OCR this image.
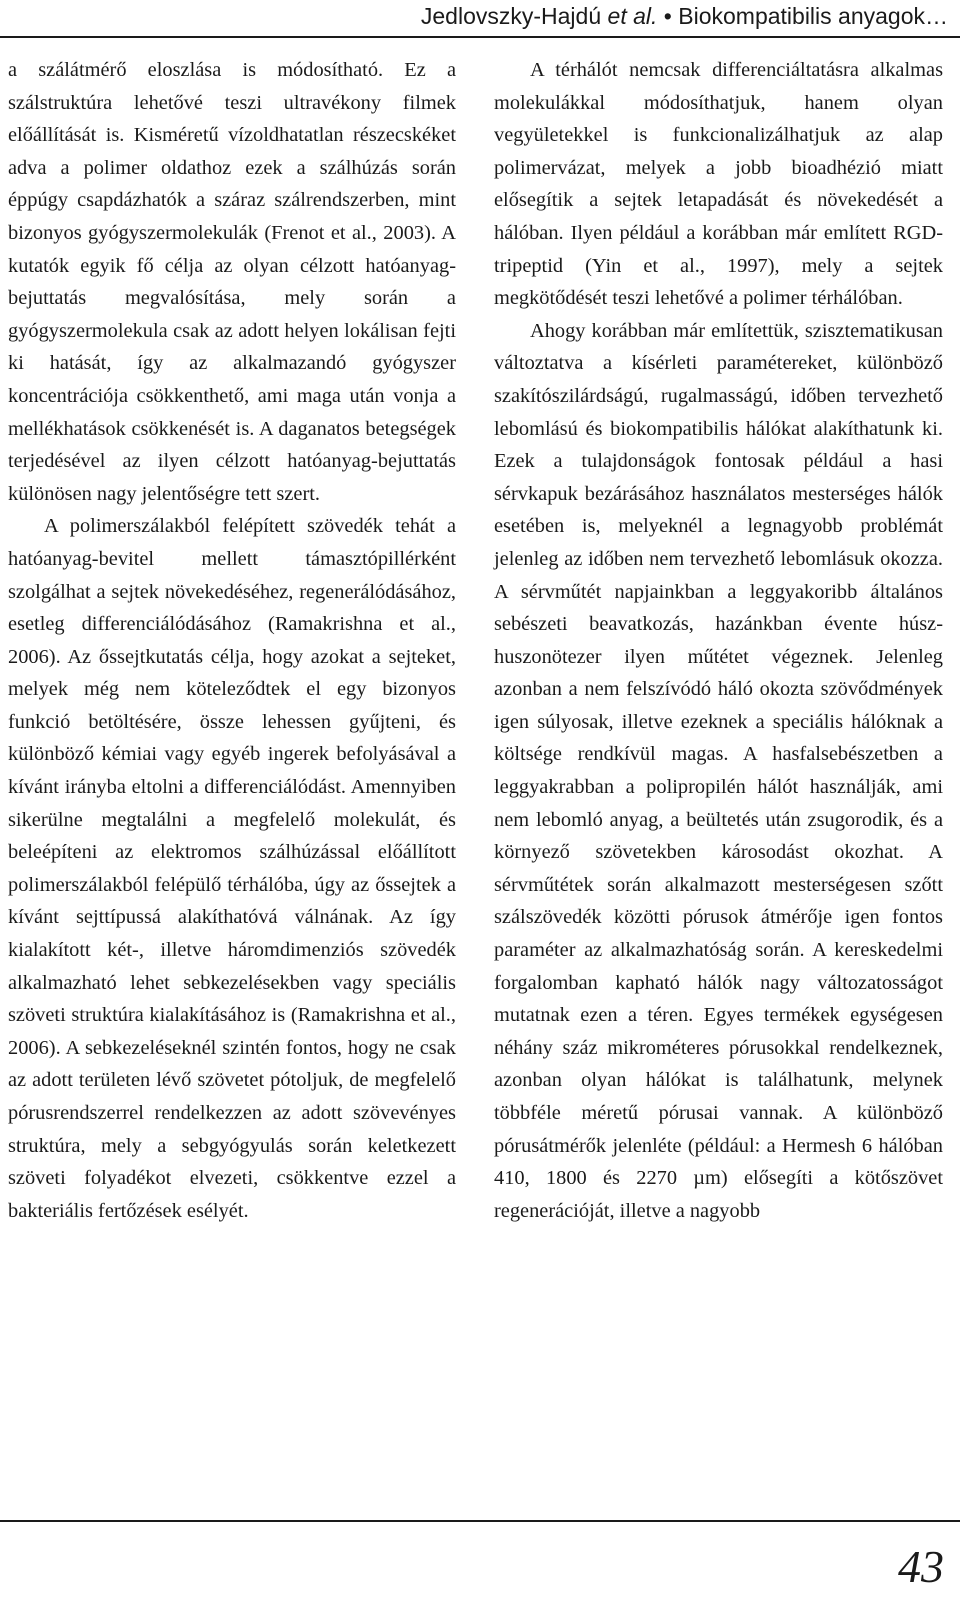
Jedlovszky-Hajdú et al. • Biokompatibilis anyagok…

a szálátmérő eloszlása is módosítható. Ez a szálstruktúra lehetővé teszi ultravékony filmek előállítását is. Kisméretű vízoldhatatlan részecskéket adva a polimer oldathoz ezek a szálhúzás során éppúgy csapdázhatók a száraz szálrendszerben, mint bizonyos gyógyszermolekulák (Frenot et al., 2003). A kutatók egyik fő célja az olyan célzott hatóanyag-bejuttatás megvalósítása, mely során a gyógyszermolekula csak az adott helyen lokálisan fejti ki hatását, így az alkalmazandó gyógyszer koncentrációja csökkenthető, ami maga után vonja a mellékhatások csökkenését is. A daganatos betegségek terjedésével az ilyen célzott hatóanyag-bejuttatás különösen nagy jelentőségre tett szert.

A polimerszálakból felépített szövedék tehát a hatóanyag-bevitel mellett támasztópillérként szolgálhat a sejtek növekedéséhez, regenerálódásához, esetleg differenciálódásához (Ramakrishna et al., 2006). Az őssejtkutatás célja, hogy azokat a sejteket, melyek még nem köteleződtek el egy bizonyos funkció betöltésére, össze lehessen gyűjteni, és különböző kémiai vagy egyéb ingerek befolyásával a kívánt irányba eltolni a differenciálódást. Amennyiben sikerülne megtalálni a megfelelő molekulát, és beleépíteni az elektromos szálhúzással előállított polimerszálakból felépülő térhálóba, úgy az őssejtek a kívánt sejttípussá alakíthatóvá válnának. Az így kialakított két-, illetve háromdimenziós szövedék alkalmazható lehet sebkezelésekben vagy speciális szöveti struktúra kialakításához is (Ramakrishna et al., 2006). A sebkezeléseknél szintén fontos, hogy ne csak az adott területen lévő szövetet pótoljuk, de megfelelő pórusrendszerrel rendelkezzen az adott szövevényes struktúra, mely a sebgyógyulás során keletkezett szöveti folyadékot elvezeti, csökkentve ezzel a bakteriális fertőzések esélyét.

A térhálót nemcsak differenciáltatásra alkalmas molekulákkal módosíthatjuk, hanem olyan vegyületekkel is funkcionalizálhatjuk az alap polimervázat, melyek a jobb bioadhézió miatt elősegítik a sejtek letapadását és növekedését a hálóban. Ilyen például a korábban már említett RGD-tripeptid (Yin et al., 1997), mely a sejtek megkötődését teszi lehetővé a polimer térhálóban.

Ahogy korábban már említettük, szisztematikusan változtatva a kísérleti paramétereket, különböző szakítószilárdságú, rugalmasságú, időben tervezhető lebomlású és biokompatibilis hálókat alakíthatunk ki. Ezek a tulajdonságok fontosak például a hasi sérvkapuk bezárásához használatos mesterséges hálók esetében is, melyeknél a legnagyobb problémát jelenleg az időben nem tervezhető lebomlásuk okozza. A sérvműtét napjainkban a leggyakoribb általános sebészeti beavatkozás, hazánkban évente húsz-huszonötezer ilyen műtétet végeznek. Jelenleg azonban a nem felszívódó háló okozta szövődmények igen súlyosak, illetve ezeknek a speciális hálóknak a költsége rendkívül magas. A hasfalsebészetben a leggyakrabban a polipropilén hálót használják, ami nem lebomló anyag, a beültetés után zsugorodik, és a környező szövetekben károsodást okozhat. A sérvműtétek során alkalmazott mesterségesen szőtt szálszövedék közötti pórusok átmérője igen fontos paraméter az alkalmazhatóság során. A kereskedelmi forgalomban kapható hálók nagy változatosságot mutatnak ezen a téren. Egyes termékek egységesen néhány száz mikrométeres pórusokkal rendelkeznek, azonban olyan hálókat is találhatunk, melynek többféle méretű pórusai vannak. A különböző pórusátmérők jelenléte (például: a Hermesh 6 hálóban 410, 1800 és 2270 µm) elősegíti a kötőszövet regenerációját, illetve a nagyobb

43
